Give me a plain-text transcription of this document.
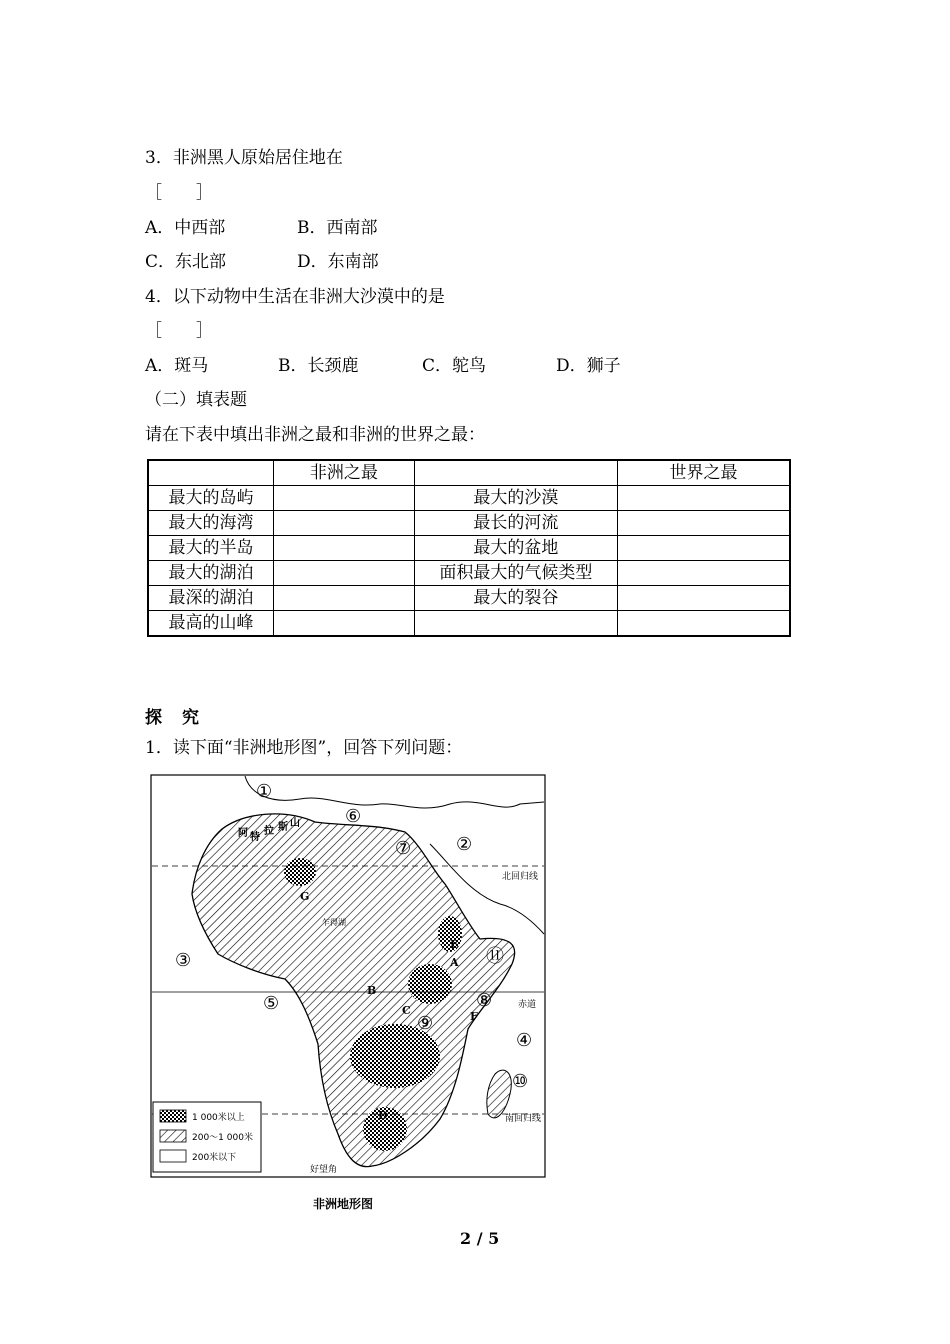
3．非洲黑人原始居住地在
［　　］
A．中西部	B．西南部
C．东北部	D．东南部
4．以下动物中生活在非洲大沙漠中的是
［　　］
A．斑马	B．长颈鹿	C．鸵鸟	D．狮子
（二）填表题
请在下表中填出非洲之最和非洲的世界之最：
	非洲之最		世界之最
最大的岛屿		最大的沙漠	
最大的海湾		最长的河流	
最大的半岛		最大的盆地	
最大的湖泊		面积最大的气候类型	
最深的湖泊		最大的裂谷	
最高的山峰			
探究
1．读下面“非洲地形图”，回答下列问题：
北回归线
赤道
南回归线
好望角
乍得湖
阿 特
拉 斯 山
①
②
③
④
⑤
⑥
⑦
⑧
⑨
⑩
⑪
A
B
C
D
E
F
G
1 000米以上
200～1 000米
200米以下
非洲地形图
2 / 5
